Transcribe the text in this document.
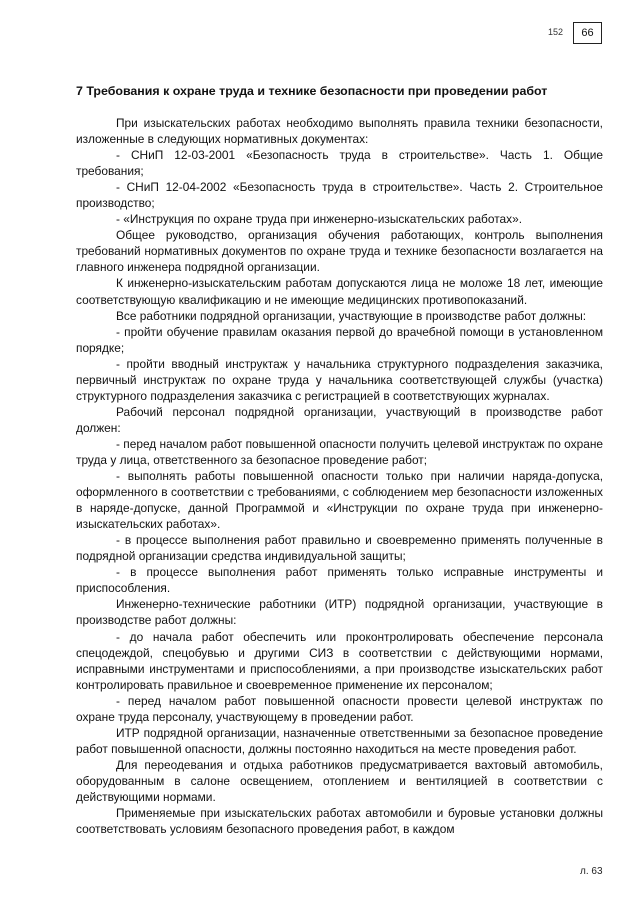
152	66
7 Требования к охране труда и технике безопасности при проведении работ

При изыскательских работах необходимо выполнять правила техники безопасности, изложенные в следующих нормативных документах:

- СНиП 12-03-2001 «Безопасность труда в строительстве». Часть 1. Общие требования;

- СНиП 12-04-2002 «Безопасность труда в строительстве». Часть 2. Строительное производство;

- «Инструкция по охране труда при инженерно-изыскательских работах».

Общее руководство, организация обучения работающих, контроль выполнения требований нормативных документов по охране труда и технике безопасности возлагается на главного инженера подрядной организации.

К инженерно-изыскательским работам допускаются лица не моложе 18 лет, имеющие соответствующую квалификацию и не имеющие медицинских противопоказаний.

Все работники подрядной организации, участвующие в производстве работ должны:

- пройти обучение правилам оказания первой до врачебной помощи в установленном порядке;

- пройти вводный инструктаж у начальника структурного подразделения заказчика, первичный инструктаж по охране труда у начальника соответствующей службы (участка) структурного подразделения заказчика с регистрацией в соответствующих журналах.

Рабочий персонал подрядной организации, участвующий в производстве работ должен:

- перед началом работ повышенной опасности получить целевой инструктаж по охране труда у лица, ответственного за безопасное проведение работ;

- выполнять работы повышенной опасности только при наличии наряда-допуска, оформленного в соответствии с требованиями, с соблюдением мер безопасности изложенных в наряде-допуске, данной Программой и «Инструкции по охране труда при инженерно-изыскательских работах».

- в процессе выполнения работ правильно и своевременно применять полученные в подрядной организации средства индивидуальной защиты;

- в процессе выполнения работ применять только исправные инструменты и приспособления.

Инженерно-технические работники (ИТР) подрядной организации, участвующие в производстве работ должны:

- до начала работ обеспечить или проконтролировать обеспечение персонала спецодеждой, спецобувью и другими СИЗ в соответствии с действующими нормами, исправными инструментами и приспособлениями, а при производстве изыскательских работ контролировать правильное и своевременное применение их персоналом;

- перед началом работ повышенной опасности провести целевой инструктаж по охране труда персоналу, участвующему в проведении работ.

ИТР подрядной организации, назначенные ответственными за безопасное проведение работ повышенной опасности, должны постоянно находиться на месте проведения работ.

Для переодевания и отдыха работников предусматривается вахтовый автомобиль, оборудованным в салоне освещением, отоплением и вентиляцией в соответствии с действующими нормами.

Применяемые при изыскательских работах автомобили и буровые установки должны соответствовать условиям безопасного проведения работ, в каждом

л. 63
